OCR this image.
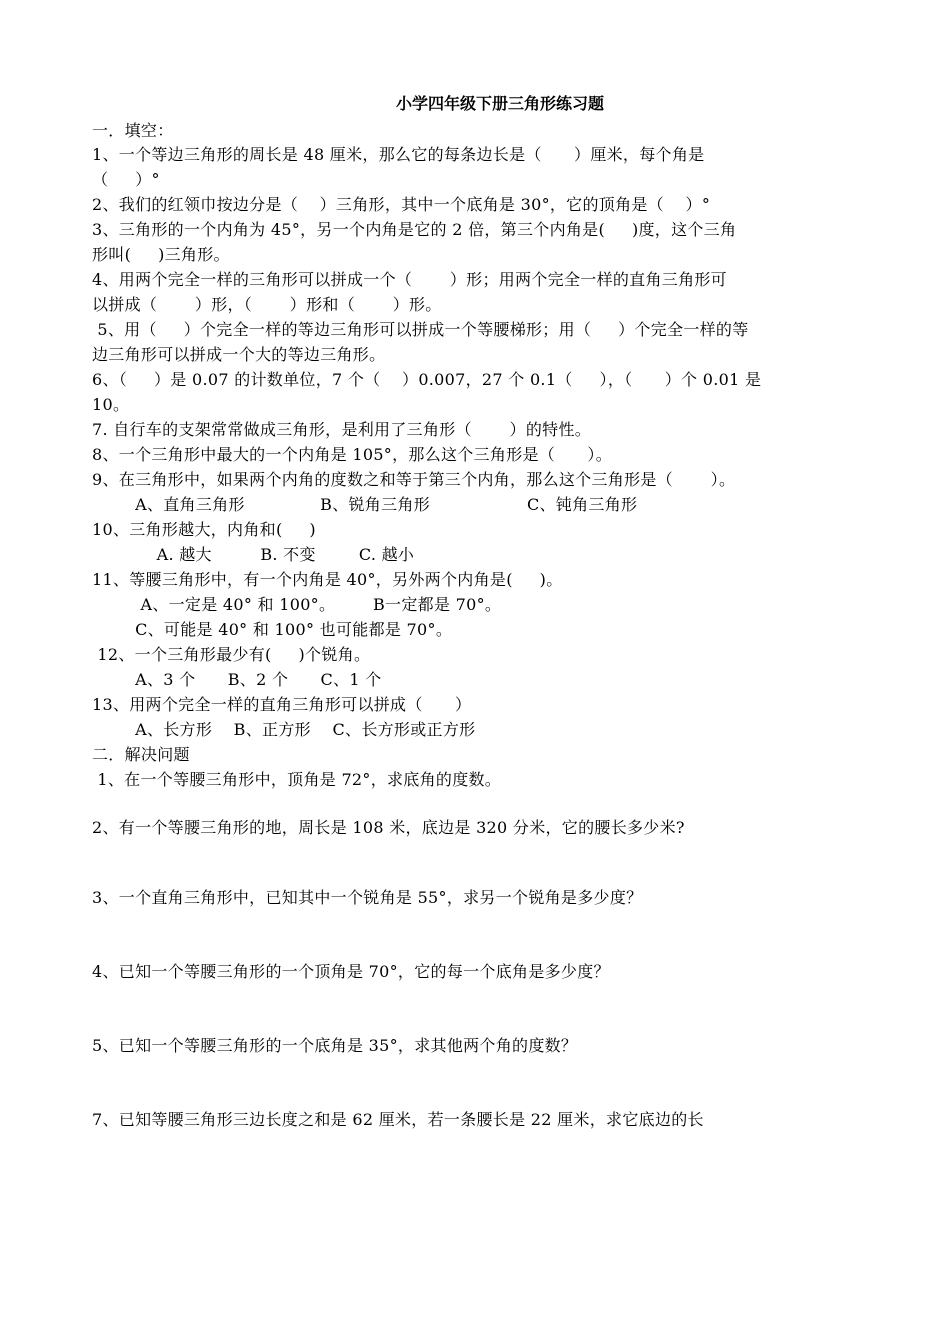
小学四年级下册三角形练习题
一．填空：
1、一个等边三角形的周长是 48 厘米，那么它的每条边长是（      ）厘米，每个角是
（     ）°
2、我们的红领巾按边分是（    ）三角形，其中一个底角是 30°，它的顶角是（    ）°
3、三角形的一个内角为 45°，另一个内角是它的 2 倍，第三个内角是(     )度，这个三角
形叫(     )三角形。
4、用两个完全一样的三角形可以拼成一个（       ）形；用两个完全一样的直角三角形可
以拼成（       ）形，（       ）形和（       ）形。
5、用（     ）个完全一样的等边三角形可以拼成一个等腰梯形；用（     ）个完全一样的等
边三角形可以拼成一个大的等边三角形。
6、（     ）是 0.07 的计数单位，7 个（    ）0.007，27 个 0.1（     ），（      ）个 0.01 是
10。
7. 自行车的支架常常做成三角形，是利用了三角形（       ）的特性。
8、一个三角形中最大的一个内角是 105°，那么这个三角形是（      ）。
9、在三角形中，如果两个内角的度数之和等于第三个内角，那么这个三角形是（       ）。
A、直角三角形              B、锐角三角形                  C、钝角三角形
10、三角形越大，内角和(     )
A. 越大         B. 不变        C. 越小
11、等腰三角形中，有一个内角是 40°，另外两个内角是(     )。
A、一定是 40° 和 100°。       B一定都是 70°。
C、可能是 40° 和 100° 也可能都是 70°。
12、一个三角形最少有(     )个锐角。
A、3 个      B、2 个      C、1 个
13、用两个完全一样的直角三角形可以拼成（      ）
A、长方形    B、正方形    C、长方形或正方形
二．解决问题
1、在一个等腰三角形中，顶角是 72°，求底角的度数。
2、有一个等腰三角形的地，周长是 108 米，底边是 320 分米，它的腰长多少米?
3、一个直角三角形中，已知其中一个锐角是 55°，求另一个锐角是多少度？
4、已知一个等腰三角形的一个顶角是 70°，它的每一个底角是多少度？
5、已知一个等腰三角形的一个底角是 35°，求其他两个角的度数？
7、已知等腰三角形三边长度之和是 62 厘米，若一条腰长是 22 厘米，求它底边的长
